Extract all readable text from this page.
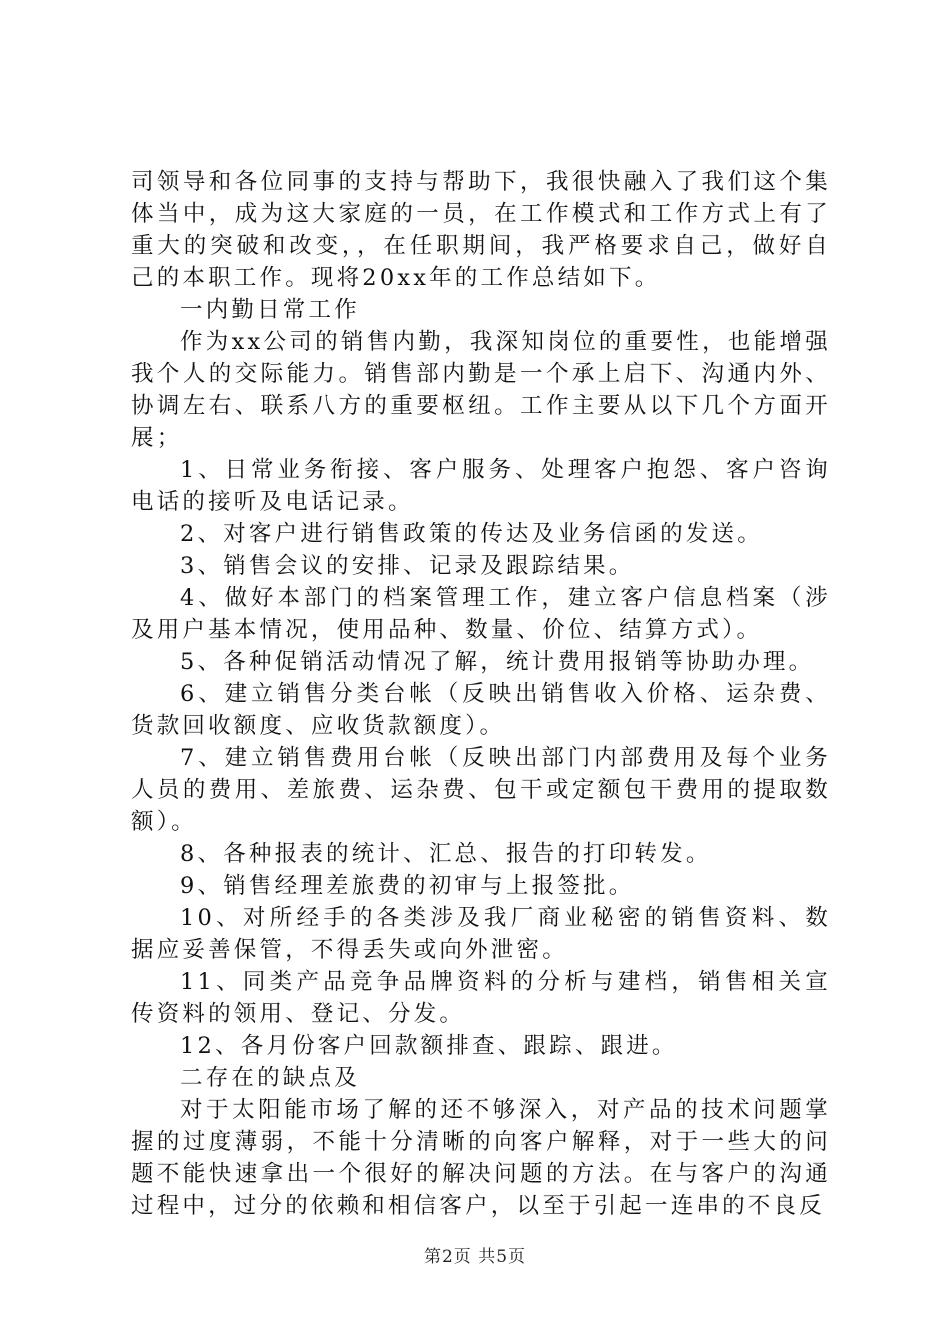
司领导和各位同事的支持与帮助下，我很快融入了我们这个集体当中，成为这大家庭的一员，在工作模式和工作方式上有了重大的突破和改变，，在任职期间，我严格要求自己，做好自己的本职工作。现将20xx年的工作总结如下。

一内勤日常工作

作为xx公司的销售内勤，我深知岗位的重要性，也能增强我个人的交际能力。销售部内勤是一个承上启下、沟通内外、协调左右、联系八方的重要枢纽。工作主要从以下几个方面开展；

1、日常业务衔接、客户服务、处理客户抱怨、客户咨询电话的接听及电话记录。

2、对客户进行销售政策的传达及业务信函的发送。

3、销售会议的安排、记录及跟踪结果。

4、做好本部门的档案管理工作，建立客户信息档案（涉及用户基本情况，使用品种、数量、价位、结算方式）。

5、各种促销活动情况了解，统计费用报销等协助办理。

6、建立销售分类台帐（反映出销售收入价格、运杂费、货款回收额度、应收货款额度）。

7、建立销售费用台帐（反映出部门内部费用及每个业务人员的费用、差旅费、运杂费、包干或定额包干费用的提取数额）。

8、各种报表的统计、汇总、报告的打印转发。

9、销售经理差旅费的初审与上报签批。

10、对所经手的各类涉及我厂商业秘密的销售资料、数据应妥善保管，不得丢失或向外泄密。

11、同类产品竞争品牌资料的分析与建档，销售相关宣传资料的领用、登记、分发。

12、各月份客户回款额排查、跟踪、跟进。

二存在的缺点及

对于太阳能市场了解的还不够深入，对产品的技术问题掌握的过度薄弱，不能十分清晰的向客户解释，对于一些大的问题不能快速拿出一个很好的解决问题的方法。在与客户的沟通过程中，过分的依赖和相信客户，以至于引起一连串的不良反

第2页 共5页
